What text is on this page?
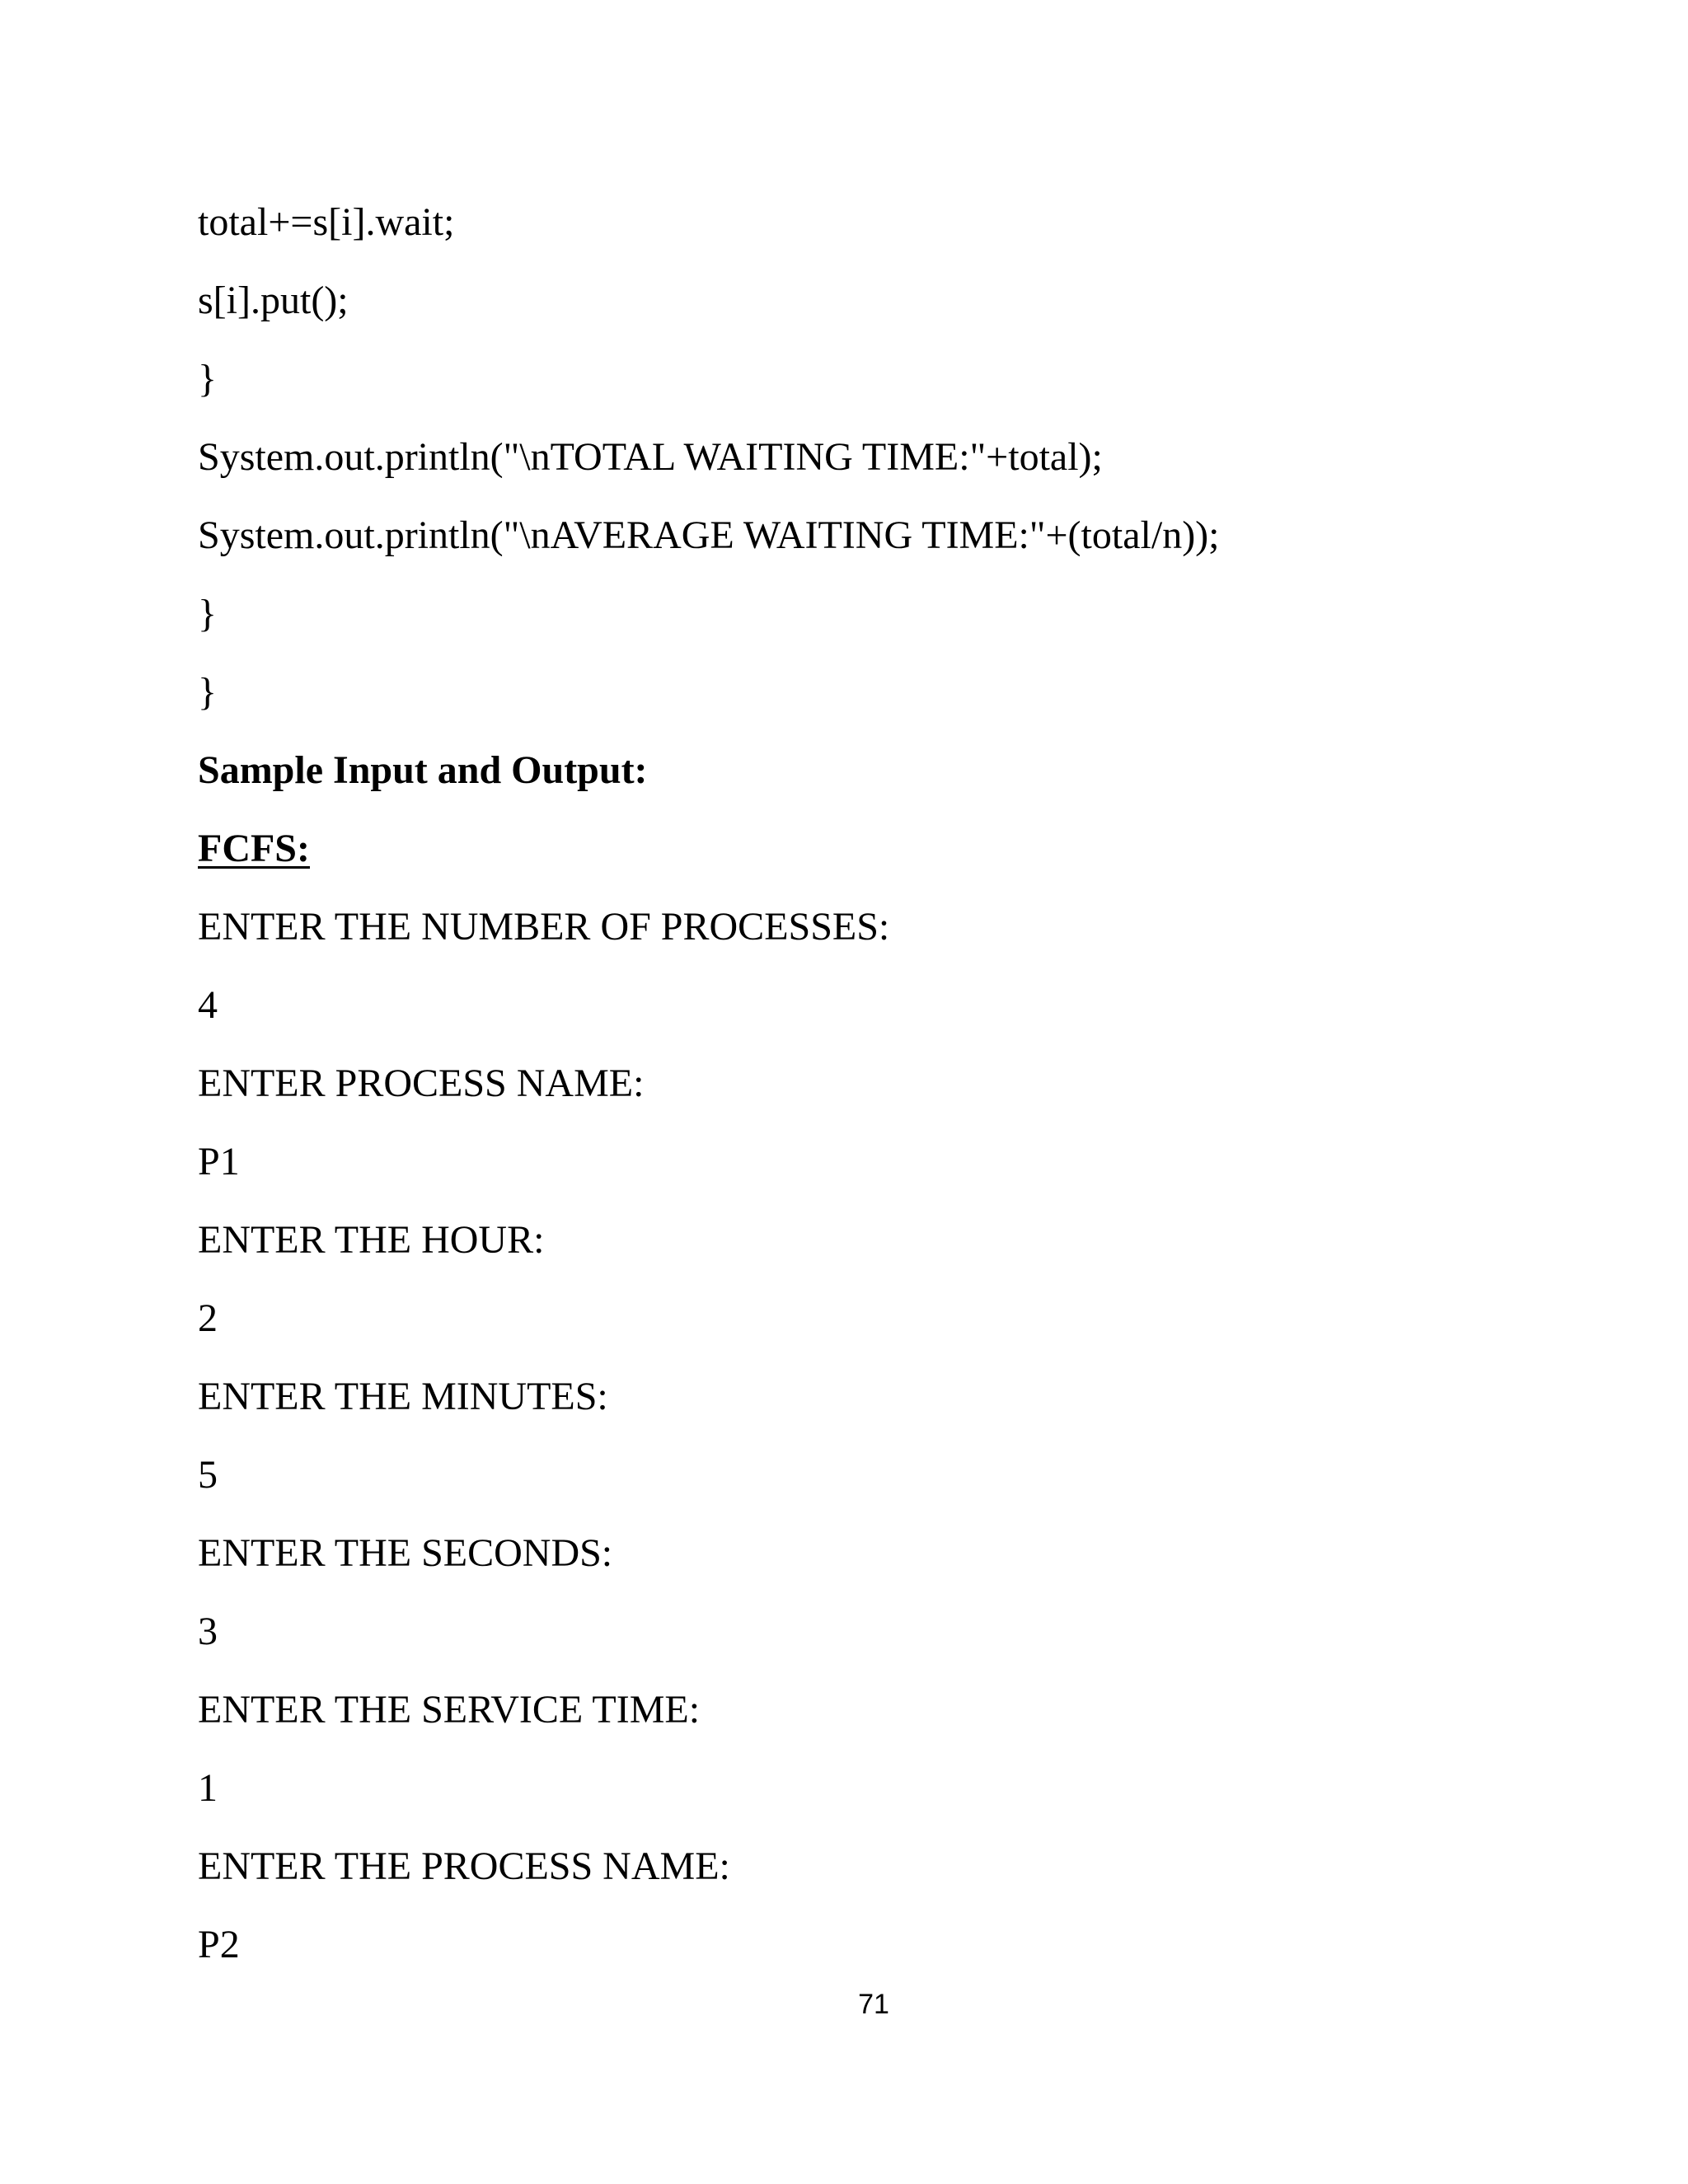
total+=s[i].wait;
s[i].put();
}
System.out.println("\nTOTAL WAITING TIME:"+total);
System.out.println("\nAVERAGE WAITING TIME:"+(total/n));
}
}
Sample Input and Output:
FCFS:
ENTER THE NUMBER OF PROCESSES:
4
ENTER PROCESS NAME:
P1
ENTER THE HOUR:
2
ENTER THE MINUTES:
5
ENTER THE SECONDS:
3
ENTER THE SERVICE TIME:
1
ENTER THE PROCESS NAME:
P2
71
